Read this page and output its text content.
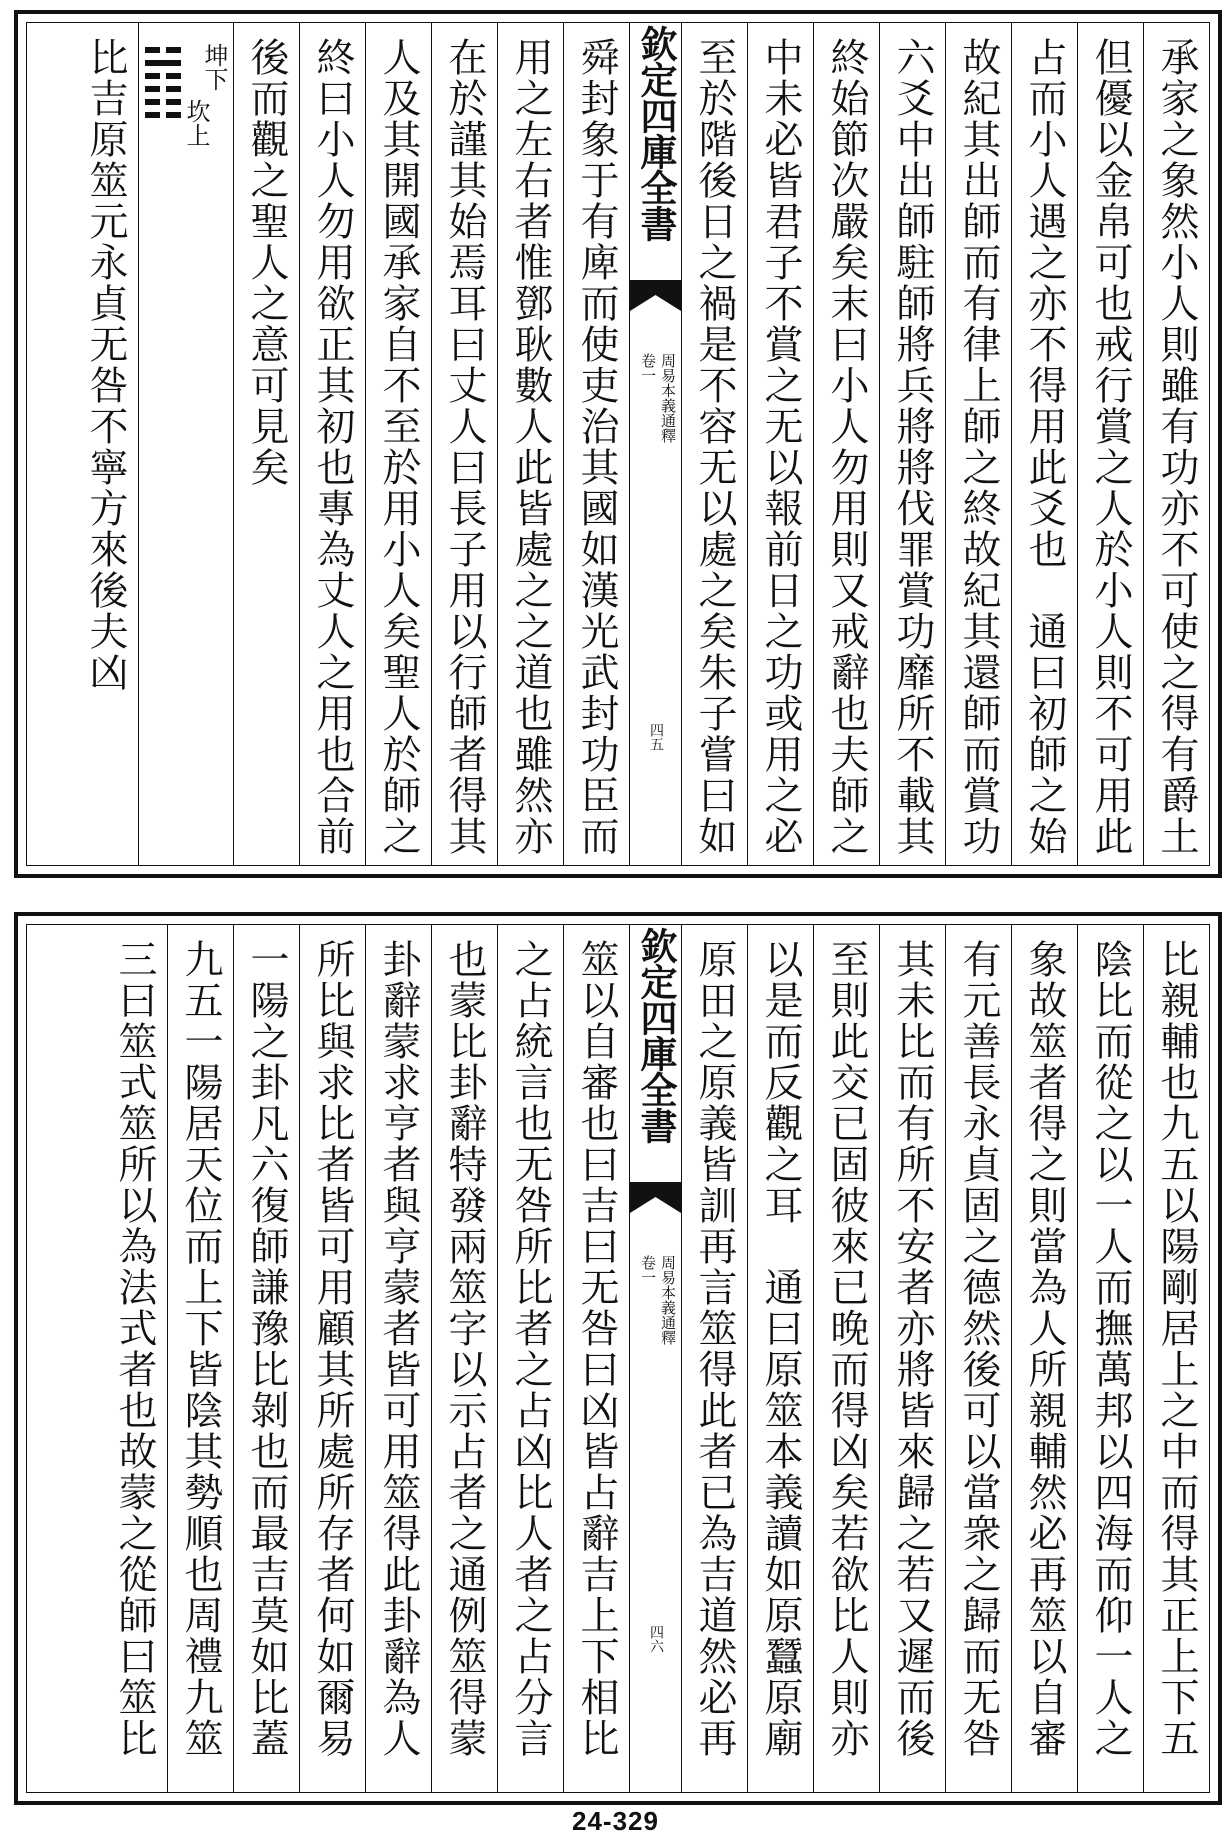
承家之象然小人則雖有功亦不可使之得有爵土
但優以金帛可也戒行賞之人於小人則不可用此
占而小人遇之亦不得用此爻也　通曰初師之始
故紀其出師而有律上師之終故紀其還師而賞功
六爻中出師駐師將兵將將伐罪賞功靡所不載其
終始節次嚴矣末曰小人勿用則又戒辭也夫師之
中未必皆君子不賞之无以報前日之功或用之必
至於階後日之禍是不容无以處之矣朱子嘗曰如
欽定四庫全書
周易本義通釋
卷一
四五
舜封象于有庳而使吏治其國如漢光武封功臣而
用之左右者惟鄧耿數人此皆處之之道也雖然亦
在於謹其始焉耳曰丈人曰長子用以行師者得其
人及其開國承家自不至於用小人矣聖人於師之
終曰小人勿用欲正其初也專為丈人之用也合前
後而觀之聖人之意可見矣
坤下
坎上
比吉原筮元永貞无咎不寧方來後夫凶
比親輔也九五以陽剛居上之中而得其正上下五
陰比而從之以一人而撫萬邦以四海而仰一人之
象故筮者得之則當為人所親輔然必再筮以自審
有元善長永貞固之德然後可以當衆之歸而无咎
其未比而有所不安者亦將皆來歸之若又遲而後
至則此交已固彼來已晚而得凶矣若欲比人則亦
以是而反觀之耳　通曰原筮本義讀如原蠶原廟
原田之原義皆訓再言筮得此者已為吉道然必再
欽定四庫全書
周易本義通釋
卷一
四六
筮以自審也曰吉曰无咎曰凶皆占辭吉上下相比
之占統言也无咎所比者之占凶比人者之占分言
也蒙比卦辭特發兩筮字以示占者之通例筮得蒙
卦辭蒙求亨者與亨蒙者皆可用筮得此卦辭為人
所比與求比者皆可用顧其所處所存者何如爾易
一陽之卦凡六復師謙豫比剝也而最吉莫如比蓋
九五一陽居天位而上下皆陰其勢順也周禮九筮
三曰筮式筮所以為法式者也故蒙之從師曰筮比
24-329
